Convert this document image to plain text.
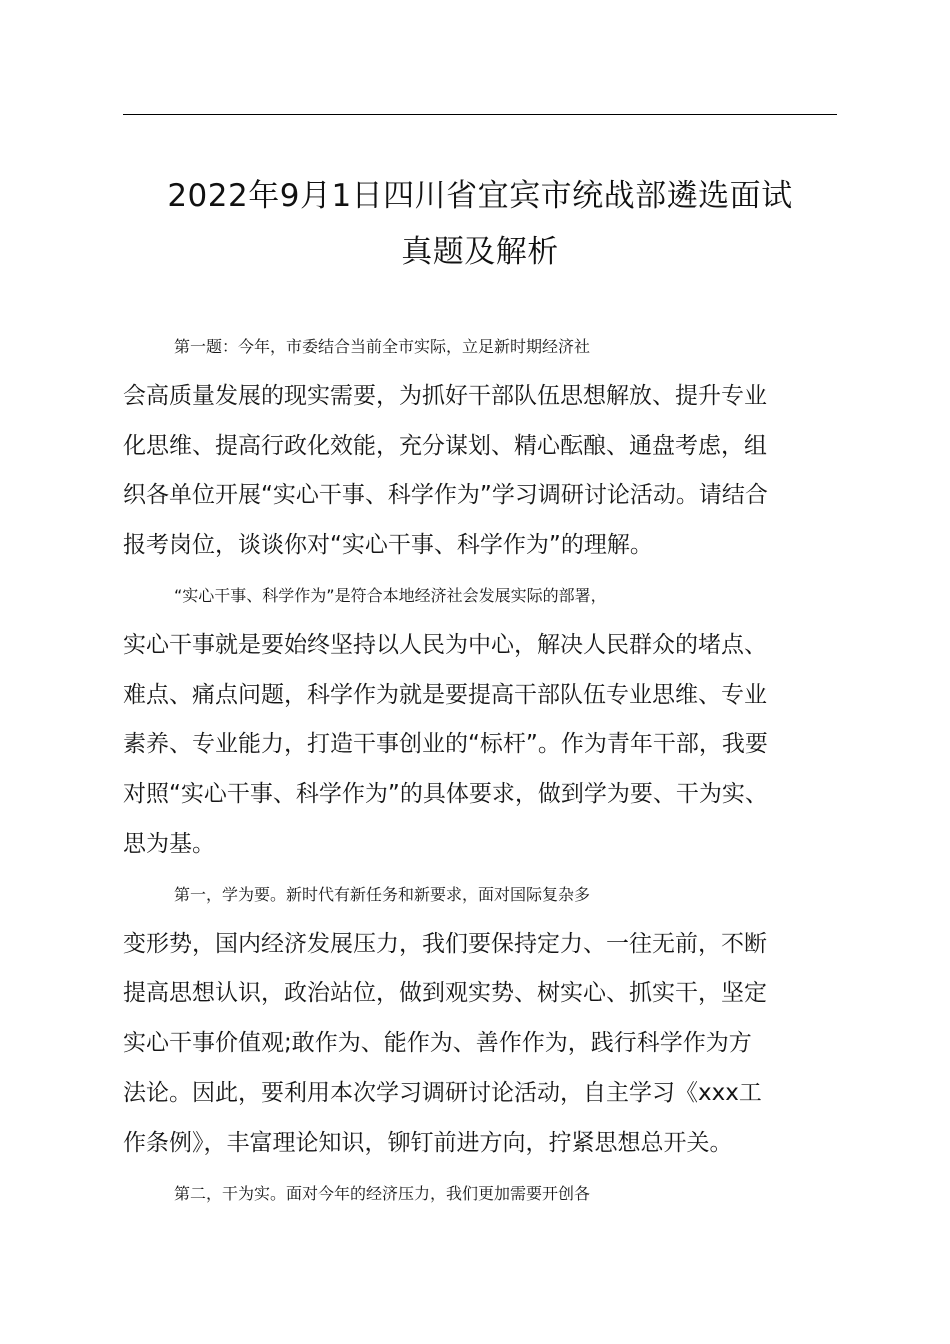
2022年9月1日四川省宜宾市统战部遴选面试
真题及解析
第一题：今年，市委结合当前全市实际，立足新时期经济社
会高质量发展的现实需要，为抓好干部队伍思想解放、提升专业
化思维、提高行政化效能，充分谋划、精心酝酿、通盘考虑，组
织各单位开展“实心干事、科学作为”学习调研讨论活动。请结合
报考岗位，谈谈你对“实心干事、科学作为”的理解。
“实心干事、科学作为”是符合本地经济社会发展实际的部署，
实心干事就是要始终坚持以人民为中心，解决人民群众的堵点、
难点、痛点问题，科学作为就是要提高干部队伍专业思维、专业
素养、专业能力，打造干事创业的“标杆”。作为青年干部，我要
对照“实心干事、科学作为”的具体要求，做到学为要、干为实、
思为基。
第一，学为要。新时代有新任务和新要求，面对国际复杂多
变形势，国内经济发展压力，我们要保持定力、一往无前，不断
提高思想认识，政治站位，做到观实势、树实心、抓实干，坚定
实心干事价值观;敢作为、能作为、善作作为，践行科学作为方
法论。因此，要利用本次学习调研讨论活动，自主学习《xxx工
作条例》，丰富理论知识，铆钉前进方向，拧紧思想总开关。
第二，干为实。面对今年的经济压力，我们更加需要开创各
